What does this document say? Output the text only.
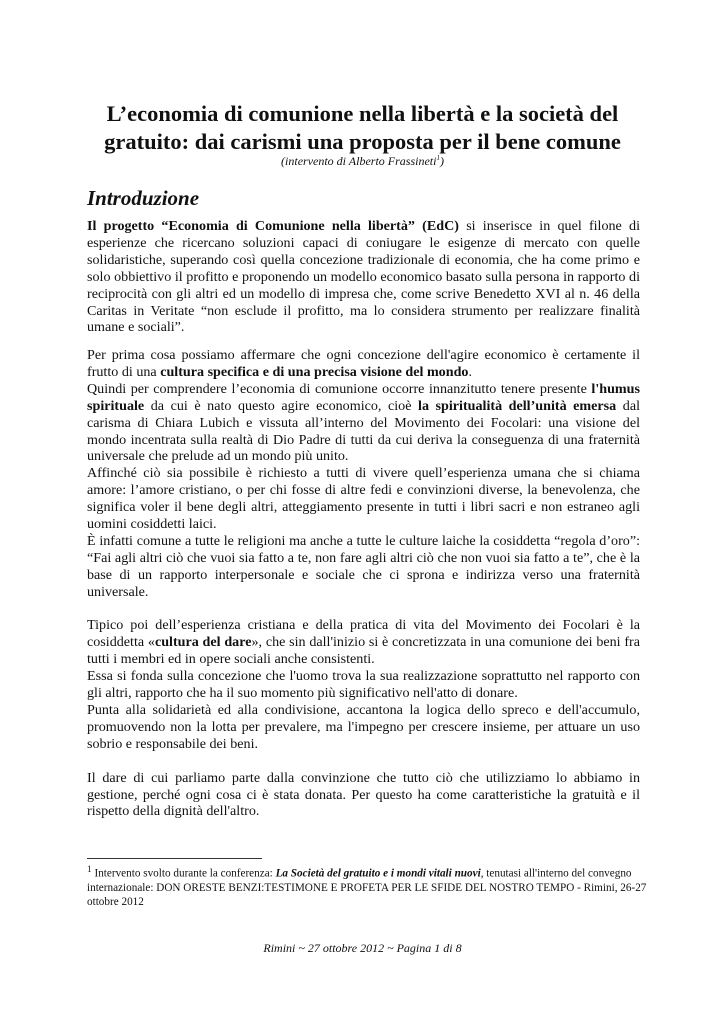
L’economia di comunione nella libertà e la società del
gratuito: dai carismi una proposta per il bene comune
(intervento di Alberto Frassineti$^1$)
Introduzione

Il progetto “Economia di Comunione nella libertà” (EdC) si inserisce in quel filone di esperienze che ricercano soluzioni capaci di coniugare le esigenze di mercato con quelle solidaristiche, superando così quella concezione tradizionale di economia, che ha come primo e solo obbiettivo il profitto e proponendo un modello economico basato sulla persona in rapporto di reciprocità con gli altri ed un modello di impresa che, come scrive Benedetto XVI al n. 46 della Caritas in Veritate “non esclude il profitto, ma lo considera strumento per realizzare finalità umane e sociali”.

Per prima cosa possiamo affermare che ogni concezione dell'agire economico è certamente il frutto di una cultura specifica e di una precisa visione del mondo.

Quindi per comprendere l’economia di comunione occorre innanzitutto tenere presente l'humus spirituale da cui è nato questo agire economico, cioè la spiritualità dell’unità emersa dal carisma di Chiara Lubich e vissuta all’interno del Movimento dei Focolari: una visione del mondo incentrata sulla realtà di Dio Padre di tutti da cui deriva la conseguenza di una fraternità universale che prelude ad un mondo più unito.

Affinché ciò sia possibile è richiesto a tutti di vivere quell’esperienza umana che si chiama amore: l’amore cristiano, o per chi fosse di altre fedi e convinzioni diverse, la benevolenza, che significa voler il bene degli altri, atteggiamento presente in tutti i libri sacri e non estraneo agli uomini cosiddetti laici.

È infatti comune a tutte le religioni ma anche a tutte le culture laiche la cosiddetta “regola d’oro”: “Fai agli altri ciò che vuoi sia fatto a te, non fare agli altri ciò che non vuoi sia fatto a te”, che è la base di un rapporto interpersonale e sociale che ci sprona e indirizza verso una fraternità universale.

Tipico poi dell’esperienza cristiana e della pratica di vita del Movimento dei Focolari è la cosiddetta «cultura del dare», che sin dall'inizio si è concretizzata in una comunione dei beni fra tutti i membri ed in opere sociali anche consistenti.

Essa si fonda sulla concezione che l'uomo trova la sua realizzazione soprattutto nel rapporto con gli altri, rapporto che ha il suo momento più significativo nell'atto di donare.

Punta alla solidarietà ed alla condivisione, accantona la logica dello spreco e dell'accumulo, promuovendo non la lotta per prevalere, ma l'impegno per crescere insieme, per attuare un uso sobrio e responsabile dei beni.

Il dare di cui parliamo parte dalla convinzione che tutto ciò che utilizziamo lo abbiamo in gestione, perché ogni cosa ci è stata donata. Per questo ha come caratteristiche la gratuità e il rispetto della dignità dell'altro.

$^1$ Intervento svolto durante la conferenza: La Società del gratuito e i mondi vitali nuovi, tenutasi all'interno del convegno internazionale: DON ORESTE BENZI:TESTIMONE E PROFETA PER LE SFIDE DEL NOSTRO TEMPO - Rimini, 26-27 ottobre 2012
Rimini ~ 27 ottobre 2012 ~ Pagina 1 di 8
